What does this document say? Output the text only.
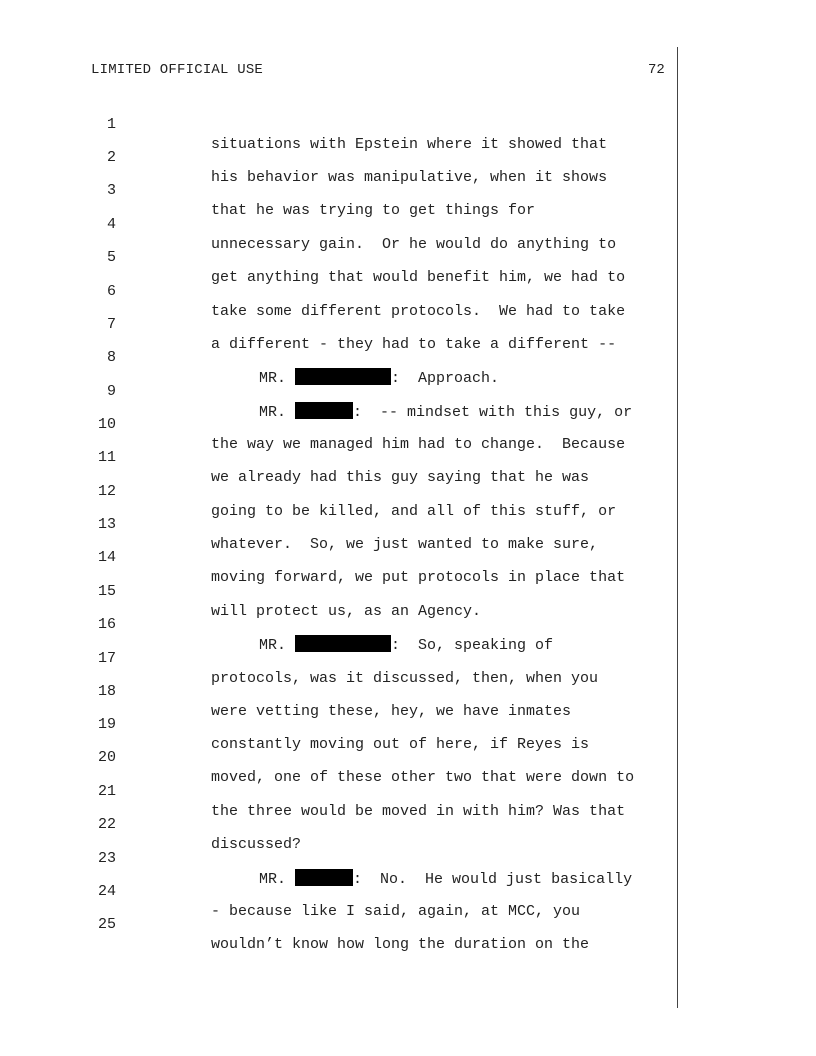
LIMITED OFFICIAL USE	72

1

situations with Epstein where it showed that

2

his behavior was manipulative, when it shows

3

that he was trying to get things for

4

unnecessary gain.  Or he would do anything to

5

get anything that would benefit him, we had to

6

take some different protocols.  We had to take

7

a different - they had to take a different --

8

MR.	:  Approach.

9

MR.	:  -- mindset with this guy, or

10

the way we managed him had to change.  Because

11

we already had this guy saying that he was

12

going to be killed, and all of this stuff, or

13

whatever.  So, we just wanted to make sure,

14

moving forward, we put protocols in place that

15

will protect us, as an Agency.

16

MR.	:  So, speaking of

17

protocols, was it discussed, then, when you

18

were vetting these, hey, we have inmates

19

constantly moving out of here, if Reyes is

20

moved, one of these other two that were down to

21

the three would be moved in with him? Was that

22

discussed?

23

MR.	:  No.  He would just basically

24

- because like I said, again, at MCC, you

25

wouldn’t know how long the duration on the
